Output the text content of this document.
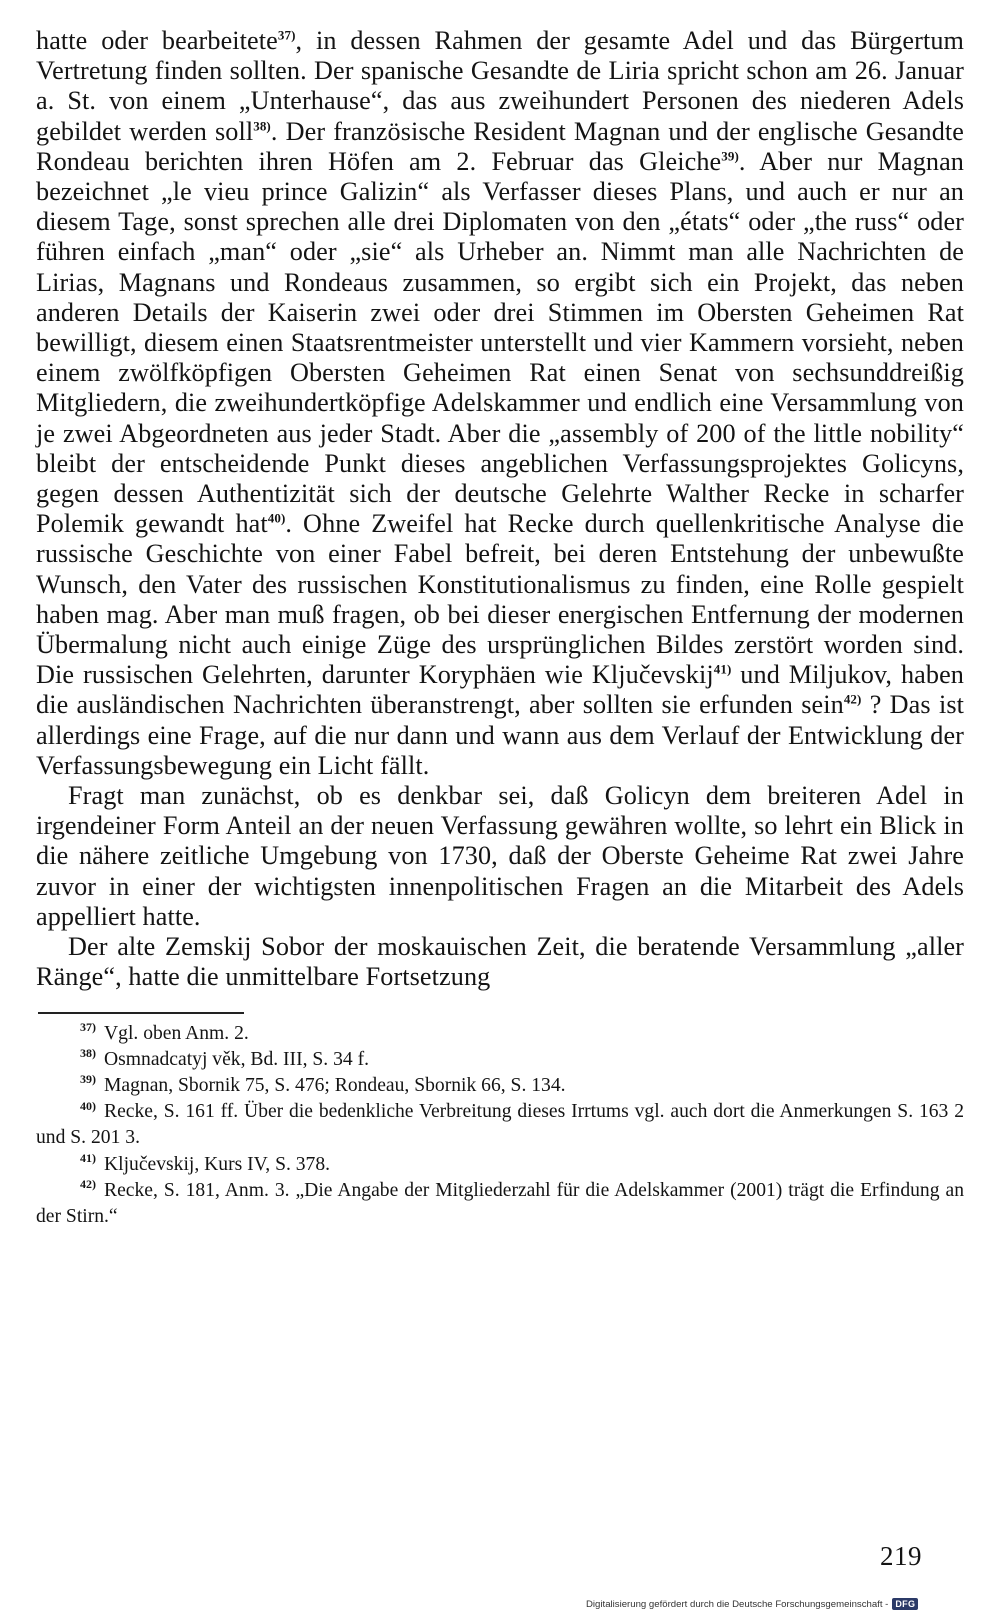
hatte oder bearbeitete$^{37)}$, in dessen Rahmen der gesamte Adel und das Bürgertum Vertretung finden sollten. Der spanische Gesandte de Liria spricht schon am 26. Januar a. St. von einem „Unterhause“, das aus zweihundert Personen des niederen Adels gebildet werden soll$^{38)}$. Der französische Resident Magnan und der englische Gesandte Rondeau berichten ihren Höfen am 2. Februar das Gleiche$^{39)}$. Aber nur Magnan bezeichnet „le vieu prince Galizin“ als Verfasser dieses Plans, und auch er nur an diesem Tage, sonst sprechen alle drei Diplomaten von den „états“ oder „the russ“ oder führen einfach „man“ oder „sie“ als Urheber an. Nimmt man alle Nachrichten de Lirias, Magnans und Rondeaus zusammen, so ergibt sich ein Projekt, das neben anderen Details der Kaiserin zwei oder drei Stimmen im Obersten Geheimen Rat bewilligt, diesem einen Staatsrentmeister unterstellt und vier Kammern vorsieht, neben einem zwölfköpfigen Obersten Geheimen Rat einen Senat von sechsunddreißig Mitgliedern, die zweihundertköpfige Adelskammer und endlich eine Versammlung von je zwei Abgeordneten aus jeder Stadt. Aber die „assembly of 200 of the little nobility“ bleibt der entscheidende Punkt dieses angeblichen Verfassungsprojektes Golicyns, gegen dessen Authentizität sich der deutsche Gelehrte Walther Recke in scharfer Polemik gewandt hat$^{40)}$. Ohne Zweifel hat Recke durch quellenkritische Analyse die russische Geschichte von einer Fabel befreit, bei deren Entstehung der unbewußte Wunsch, den Vater des russischen Konstitutionalismus zu finden, eine Rolle gespielt haben mag. Aber man muß fragen, ob bei dieser energischen Entfernung der modernen Übermalung nicht auch einige Züge des ursprünglichen Bildes zerstört worden sind. Die russischen Gelehrten, darunter Koryphäen wie Ključevskij$^{41)}$ und Miljukov, haben die ausländischen Nachrichten überanstrengt, aber sollten sie erfunden sein$^{42)}$ ? Das ist allerdings eine Frage, auf die nur dann und wann aus dem Verlauf der Entwicklung der Verfassungsbewegung ein Licht fällt.

Fragt man zunächst, ob es denkbar sei, daß Golicyn dem breiteren Adel in irgendeiner Form Anteil an der neuen Verfassung gewähren wollte, so lehrt ein Blick in die nähere zeitliche Umgebung von 1730, daß der Oberste Geheime Rat zwei Jahre zuvor in einer der wichtigsten innenpolitischen Fragen an die Mitarbeit des Adels appelliert hatte.

Der alte Zemskij Sobor der moskauischen Zeit, die beratende Versammlung „aller Ränge“, hatte die unmittelbare Fortsetzung

$^{37)}$ Vgl. oben Anm. 2.

$^{38)}$ Osmnadcatyj věk, Bd. III, S. 34 f.

$^{39)}$ Magnan, Sbornik 75, S. 476; Rondeau, Sbornik 66, S. 134.

$^{40)}$ Recke, S. 161 ff. Über die bedenkliche Verbreitung dieses Irrtums vgl. auch dort die Anmerkungen S. 163 2 und S. 201 3.

$^{41)}$ Ključevskij, Kurs IV, S. 378.

$^{42)}$ Recke, S. 181, Anm. 3. „Die Angabe der Mitgliederzahl für die Adelskammer (2001) trägt die Erfindung an der Stirn.“

219
Digitalisierung gefördert durch die Deutsche Forschungsgemeinschaft - DFG
